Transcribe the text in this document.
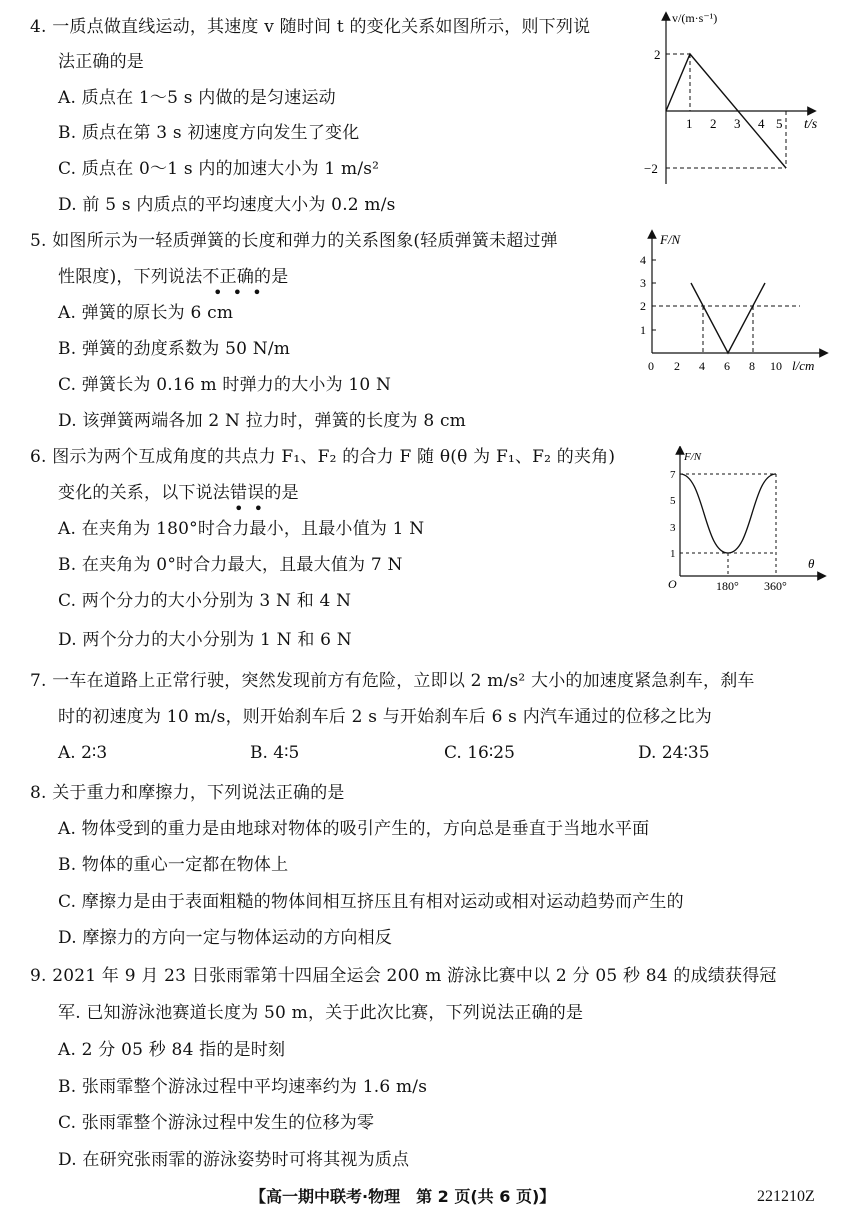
4. 一质点做直线运动，其速度 v 随时间 t 的变化关系如图所示，则下列说
法正确的是
A. 质点在 1～5 s 内做的是匀速运动
B. 质点在第 3 s 初速度方向发生了变化
C. 质点在 0～1 s 内的加速大小为 1 m/s²
D. 前 5 s 内质点的平均速度大小为 0.2 m/s
v/(m·s⁻¹)
t/s
2
−2
1 2 3 4 5
5. 如图所示为一轻质弹簧的长度和弹力的关系图象(轻质弹簧未超过弹
性限度)，下列说法不正确的是
•  •  •
A. 弹簧的原长为 6 cm
B. 弹簧的劲度系数为 50 N/m
C. 弹簧长为 0.16 m 时弹力的大小为 10 N
D. 该弹簧两端各加 2 N 拉力时，弹簧的长度为 8 cm
F/N
l/cm
1
2
3
4
0 2 4 6 8 10
6. 图示为两个互成角度的共点力 F₁、F₂ 的合力 F 随 θ(θ 为 F₁、F₂ 的夹角)
变化的关系，以下说法错误的是
•  •
A. 在夹角为 180°时合力最小，且最小值为 1 N
B. 在夹角为 0°时合力最大，且最大值为 7 N
C. 两个分力的大小分别为 3 N 和 4 N
D. 两个分力的大小分别为 1 N 和 6 N
F/N
θ
O
1
3
5
7
180° 360°
7. 一车在道路上正常行驶，突然发现前方有危险，立即以 2 m/s² 大小的加速度紧急刹车，刹车
时的初速度为 10 m/s，则开始刹车后 2 s 与开始刹车后 6 s 内汽车通过的位移之比为
A. 2∶3	B. 4∶5	C. 16∶25	D. 24∶35
8. 关于重力和摩擦力，下列说法正确的是
A. 物体受到的重力是由地球对物体的吸引产生的，方向总是垂直于当地水平面
B. 物体的重心一定都在物体上
C. 摩擦力是由于表面粗糙的物体间相互挤压且有相对运动或相对运动趋势而产生的
D. 摩擦力的方向一定与物体运动的方向相反
9. 2021 年 9 月 23 日张雨霏第十四届全运会 200 m 游泳比赛中以 2 分 05 秒 84 的成绩获得冠
军. 已知游泳池赛道长度为 50 m，关于此次比赛，下列说法正确的是
A. 2 分 05 秒 84 指的是时刻
B. 张雨霏整个游泳过程中平均速率约为 1.6 m/s
C. 张雨霏整个游泳过程中发生的位移为零
D. 在研究张雨霏的游泳姿势时可将其视为质点
【高一期中联考·物理　第 2 页(共 6 页)】	221210Z
